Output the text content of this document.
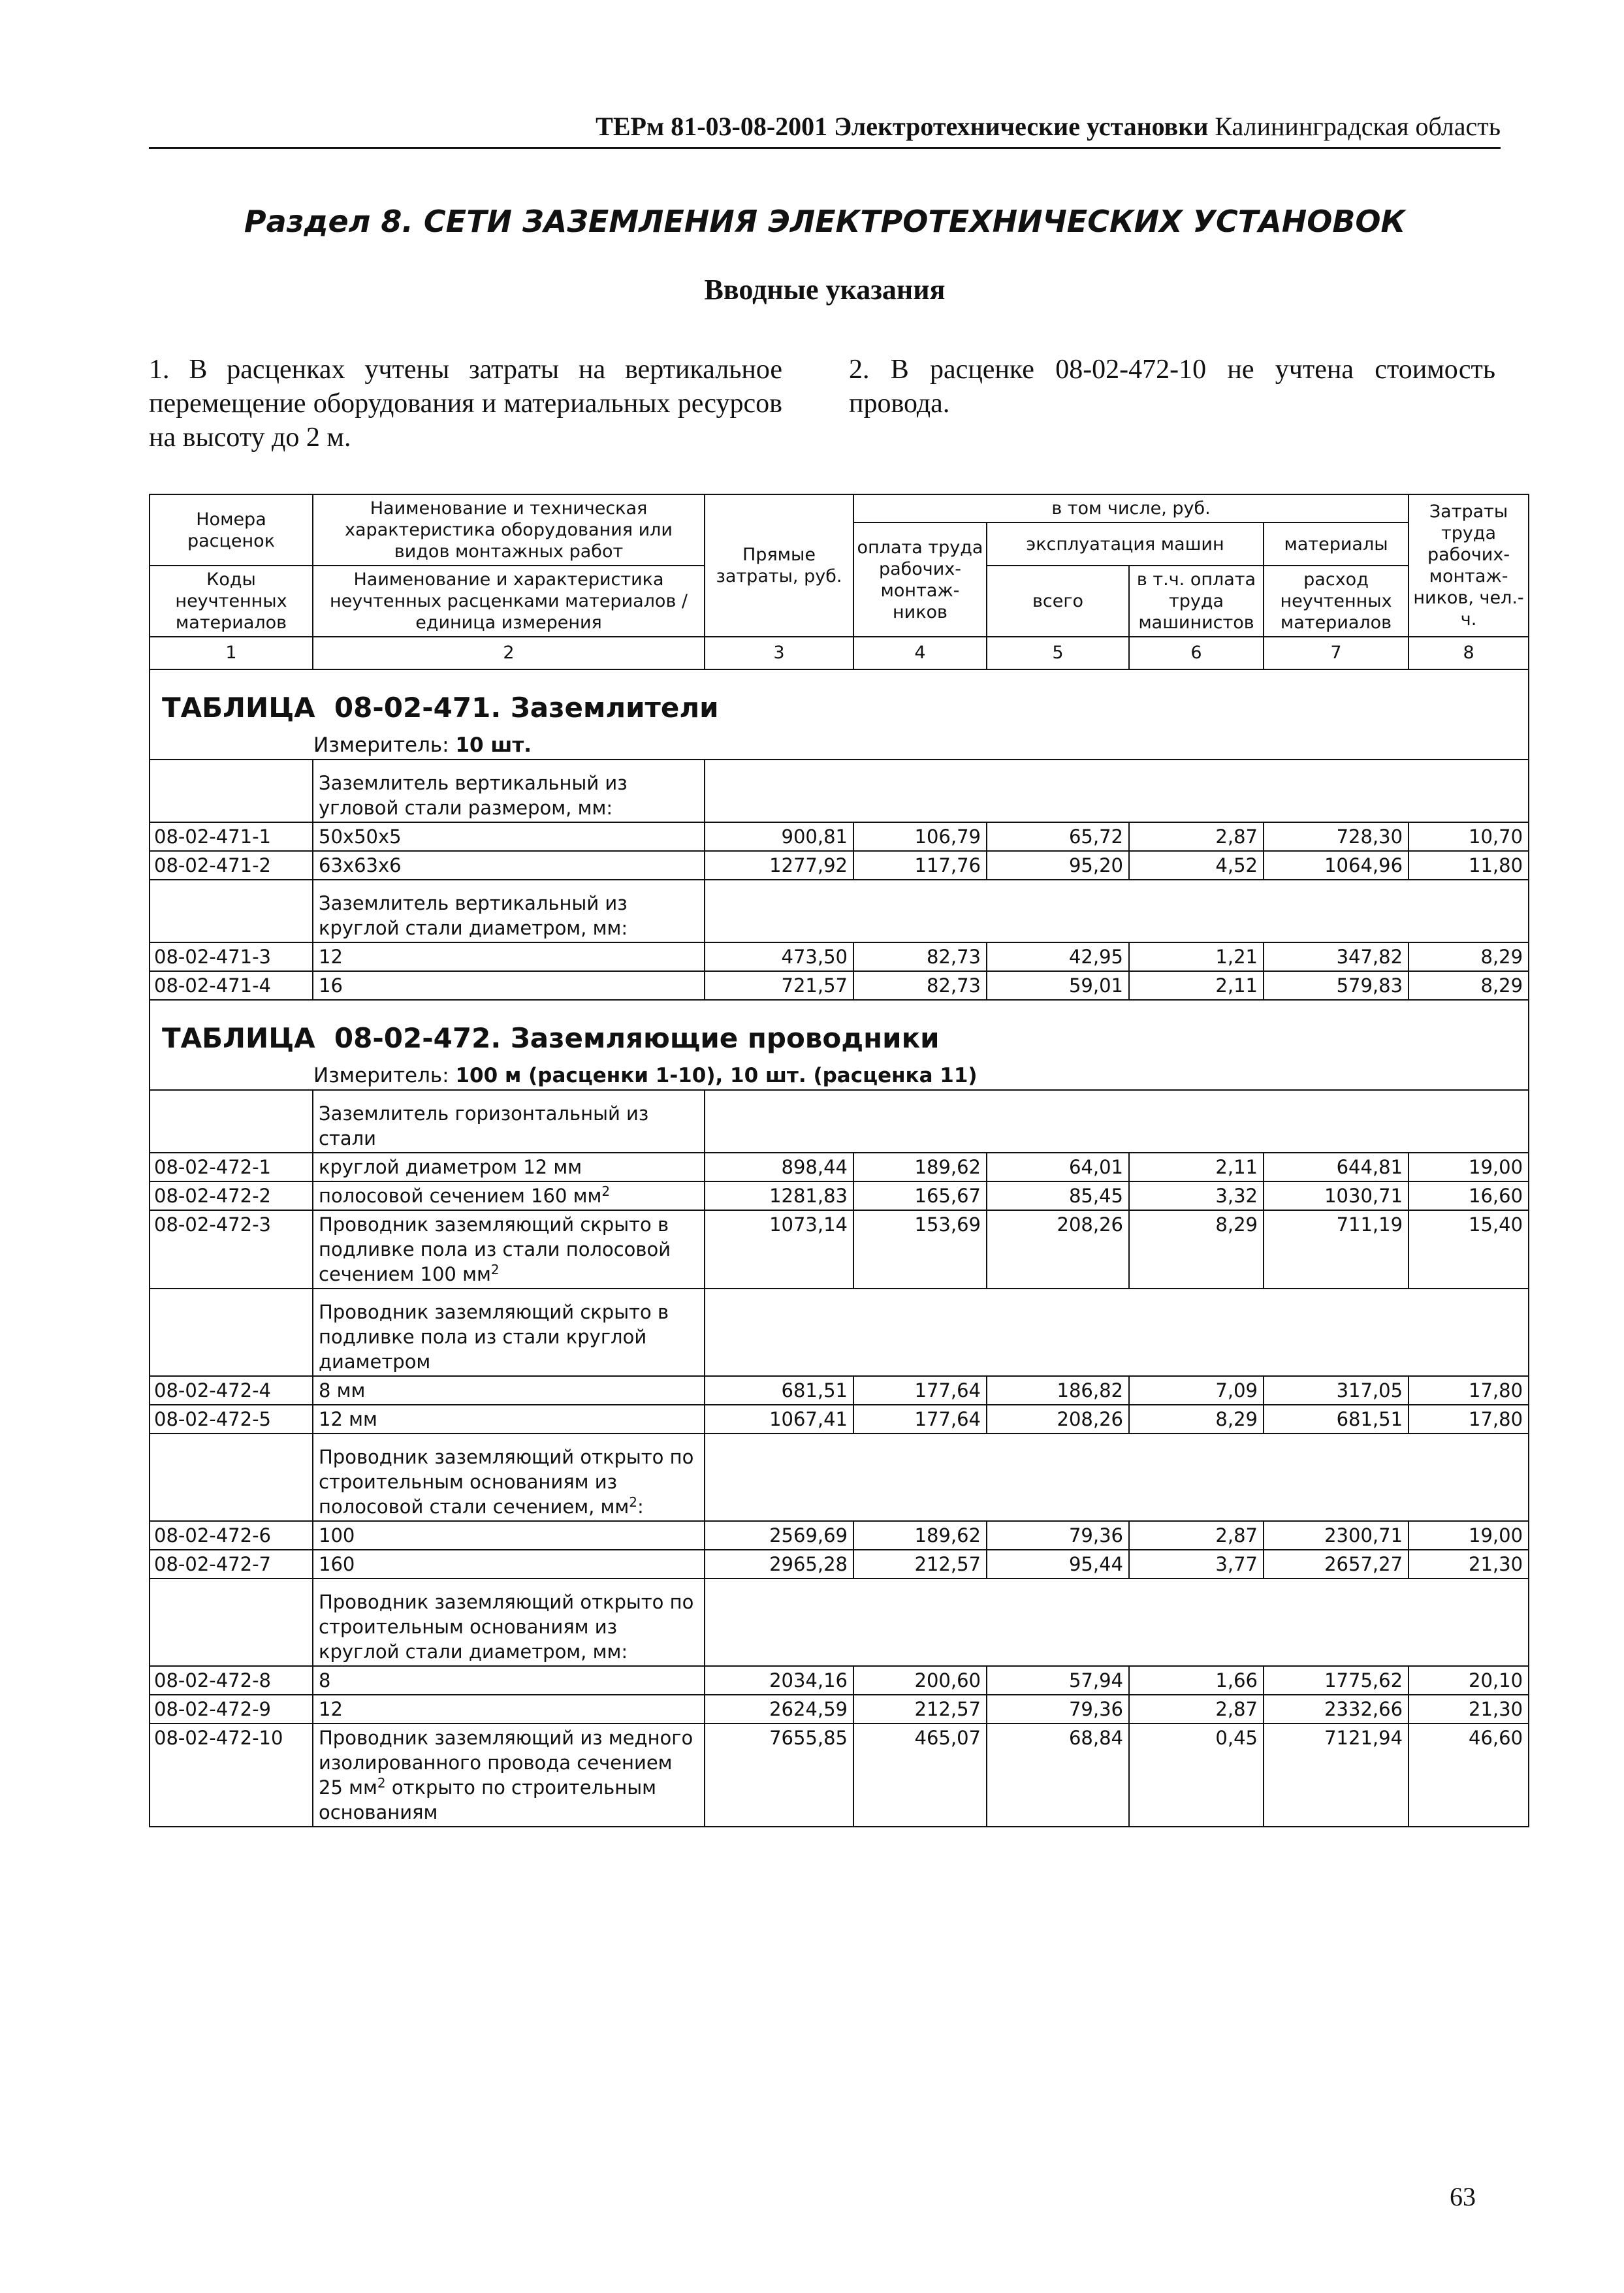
ТЕРм 81-03-08-2001 Электротехнические установки Калининградская область
Раздел 8. СЕТИ ЗАЗЕМЛЕНИЯ ЭЛЕКТРОТЕХНИЧЕСКИХ УСТАНОВОК
Вводные указания
1. В расценках учтены затраты на вертикальное перемещение оборудования и материальных ресурсов на высоту до 2 м.
2. В расценке 08-02-472-10 не учтена стоимость провода.
Номера расценок	Наименование и техническая характеристика оборудования или видов монтажных работ	Прямые затраты, руб.	в том числе, руб.				Затраты труда рабочих-монтаж-ников, чел.-ч.
			оплата труда рабочих-монтаж-ников	эксплуатация машин		материалы	
Коды неучтенных материалов	Наименование и характеристика неучтенных расценками материалов / единица измерения			всего	в т.ч. оплата труда машинистов	расход неучтенных материалов	

1	2	3	4	5	6	7	8
ТАБЛИЦА 08-02-471. Заземлители							
Измеритель: 10 шт.							
	Заземлитель вертикальный из угловой стали размером, мм:						
08-02-471-1	50x50x5	900,81	106,79	65,72	2,87	728,30	10,70
08-02-471-2	63x63x6	1277,92	117,76	95,20	4,52	1064,96	11,80
	Заземлитель вертикальный из круглой стали диаметром, мм:						
08-02-471-3	12	473,50	82,73	42,95	1,21	347,82	8,29
08-02-471-4	16	721,57	82,73	59,01	2,11	579,83	8,29
ТАБЛИЦА 08-02-472. Заземляющие проводники							
Измеритель: 100 м (расценки 1-10), 10 шт. (расценка 11)							
	Заземлитель горизонтальный из стали						
08-02-472-1	круглой диаметром 12 мм	898,44	189,62	64,01	2,11	644,81	19,00
08-02-472-2	полосовой сечением 160 $мм^2$	1281,83	165,67	85,45	3,32	1030,71	16,60
08-02-472-3	Проводник заземляющий скрыто в подливке пола из стали полосовой сечением 100 $мм^2$	1073,14	153,69	208,26	8,29	711,19	15,40
	Проводник заземляющий скрыто в подливке пола из стали круглой диаметром						
08-02-472-4	8 мм	681,51	177,64	186,82	7,09	317,05	17,80
08-02-472-5	12 мм	1067,41	177,64	208,26	8,29	681,51	17,80
	Проводник заземляющий открыто по строительным основаниям из полосовой стали сечением, $мм^2$:						
08-02-472-6	100	2569,69	189,62	79,36	2,87	2300,71	19,00
08-02-472-7	160	2965,28	212,57	95,44	3,77	2657,27	21,30
	Проводник заземляющий открыто по строительным основаниям из круглой стали диаметром, мм:						
08-02-472-8	8	2034,16	200,60	57,94	1,66	1775,62	20,10
08-02-472-9	12	2624,59	212,57	79,36	2,87	2332,66	21,30
08-02-472-10	Проводник заземляющий из медного изолированного провода сечением 25 $мм^2$ открыто по строительным основаниям	7655,85	465,07	68,84	0,45	7121,94	46,60
63
